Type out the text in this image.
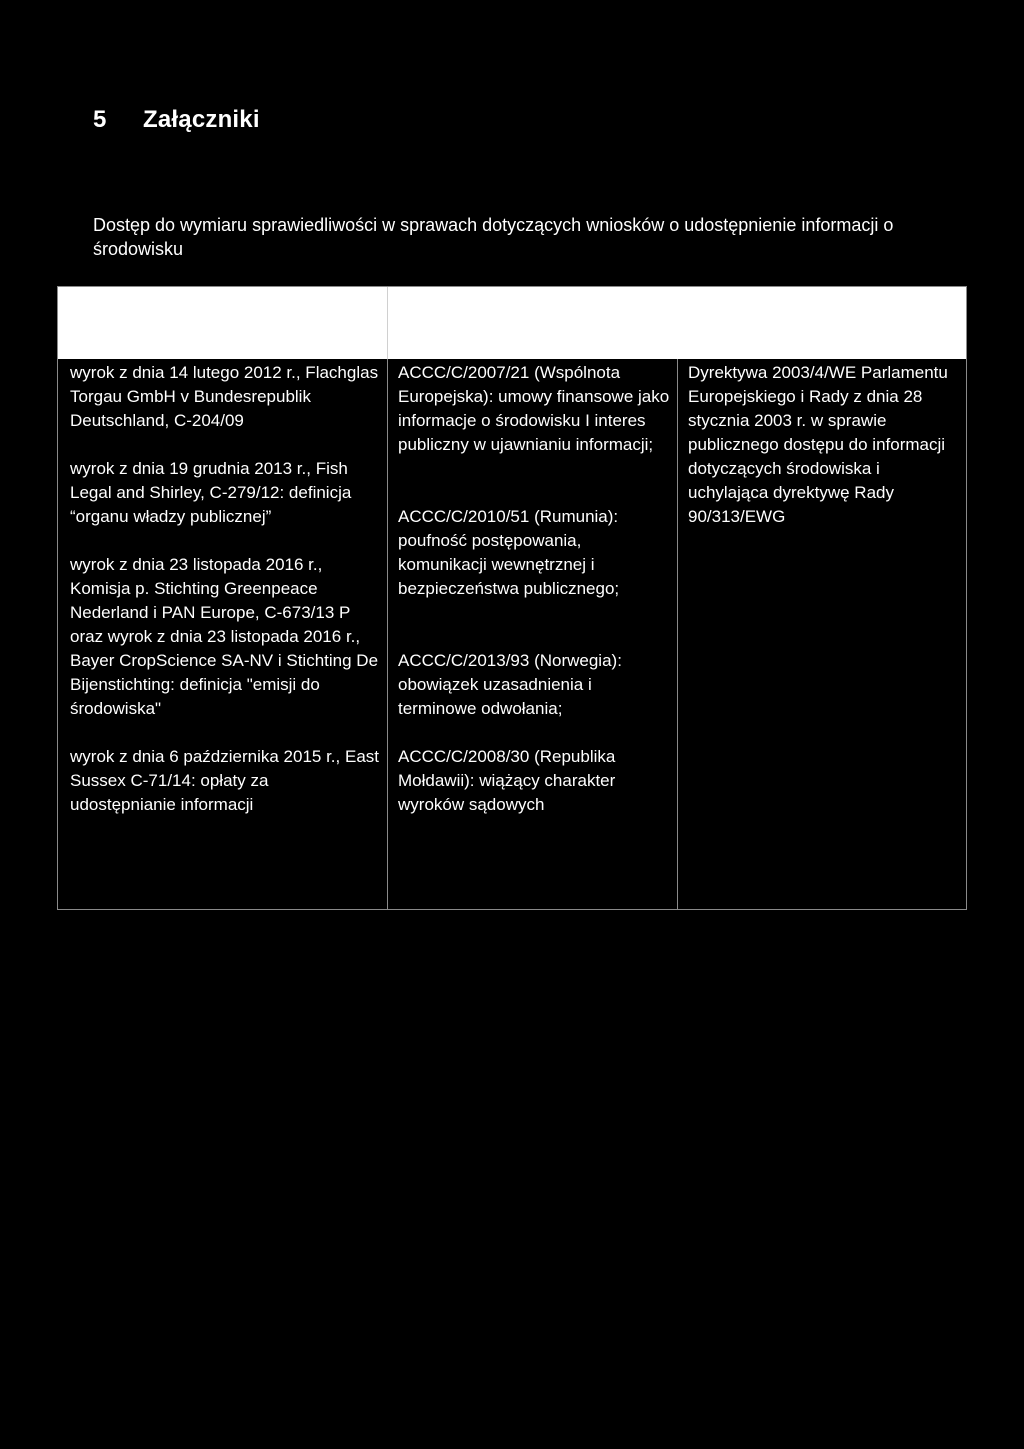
5 Załączniki

Dostęp do wymiaru sprawiedliwości w sprawach dotyczących wniosków o udostępnienie informacji o środowisku

wyrok z dnia 14 lutego 2012 r., Flachglas Torgau GmbH v Bundesrepublik Deutschland, C-204/09

wyrok z dnia 19 grudnia 2013 r., Fish Legal and Shirley, C-279/12: definicja “organu władzy publicznej”

wyrok z dnia 23 listopada 2016 r., Komisja p. Stichting Greenpeace Nederland i PAN Europe, C-673/13 P oraz wyrok z dnia 23 listopada 2016 r., Bayer CropScience SA-NV i Stichting De Bijenstichting: definicja "emisji do środowiska"

wyrok z dnia 6 października 2015 r., East Sussex C-71/14: opłaty za udostępnianie informacji

ACCC/C/2007/21 (Wspólnota Europejska): umowy finansowe jako informacje o środowisku I interes publiczny w ujawnianiu informacji;

ACCC/C/2010/51 (Rumunia): poufność postępowania, komunikacji wewnętrznej i bezpieczeństwa publicznego;

ACCC/C/2013/93 (Norwegia): obowiązek uzasadnienia i terminowe odwołania;

ACCC/C/2008/30 (Republika Mołdawii): wiążący charakter wyroków sądowych

Dyrektywa 2003/4/WE Parlamentu Europejskiego i Rady z dnia 28 stycznia 2003 r. w sprawie publicznego dostępu do informacji dotyczących środowiska i uchylająca dyrektywę Rady 90/313/EWG
